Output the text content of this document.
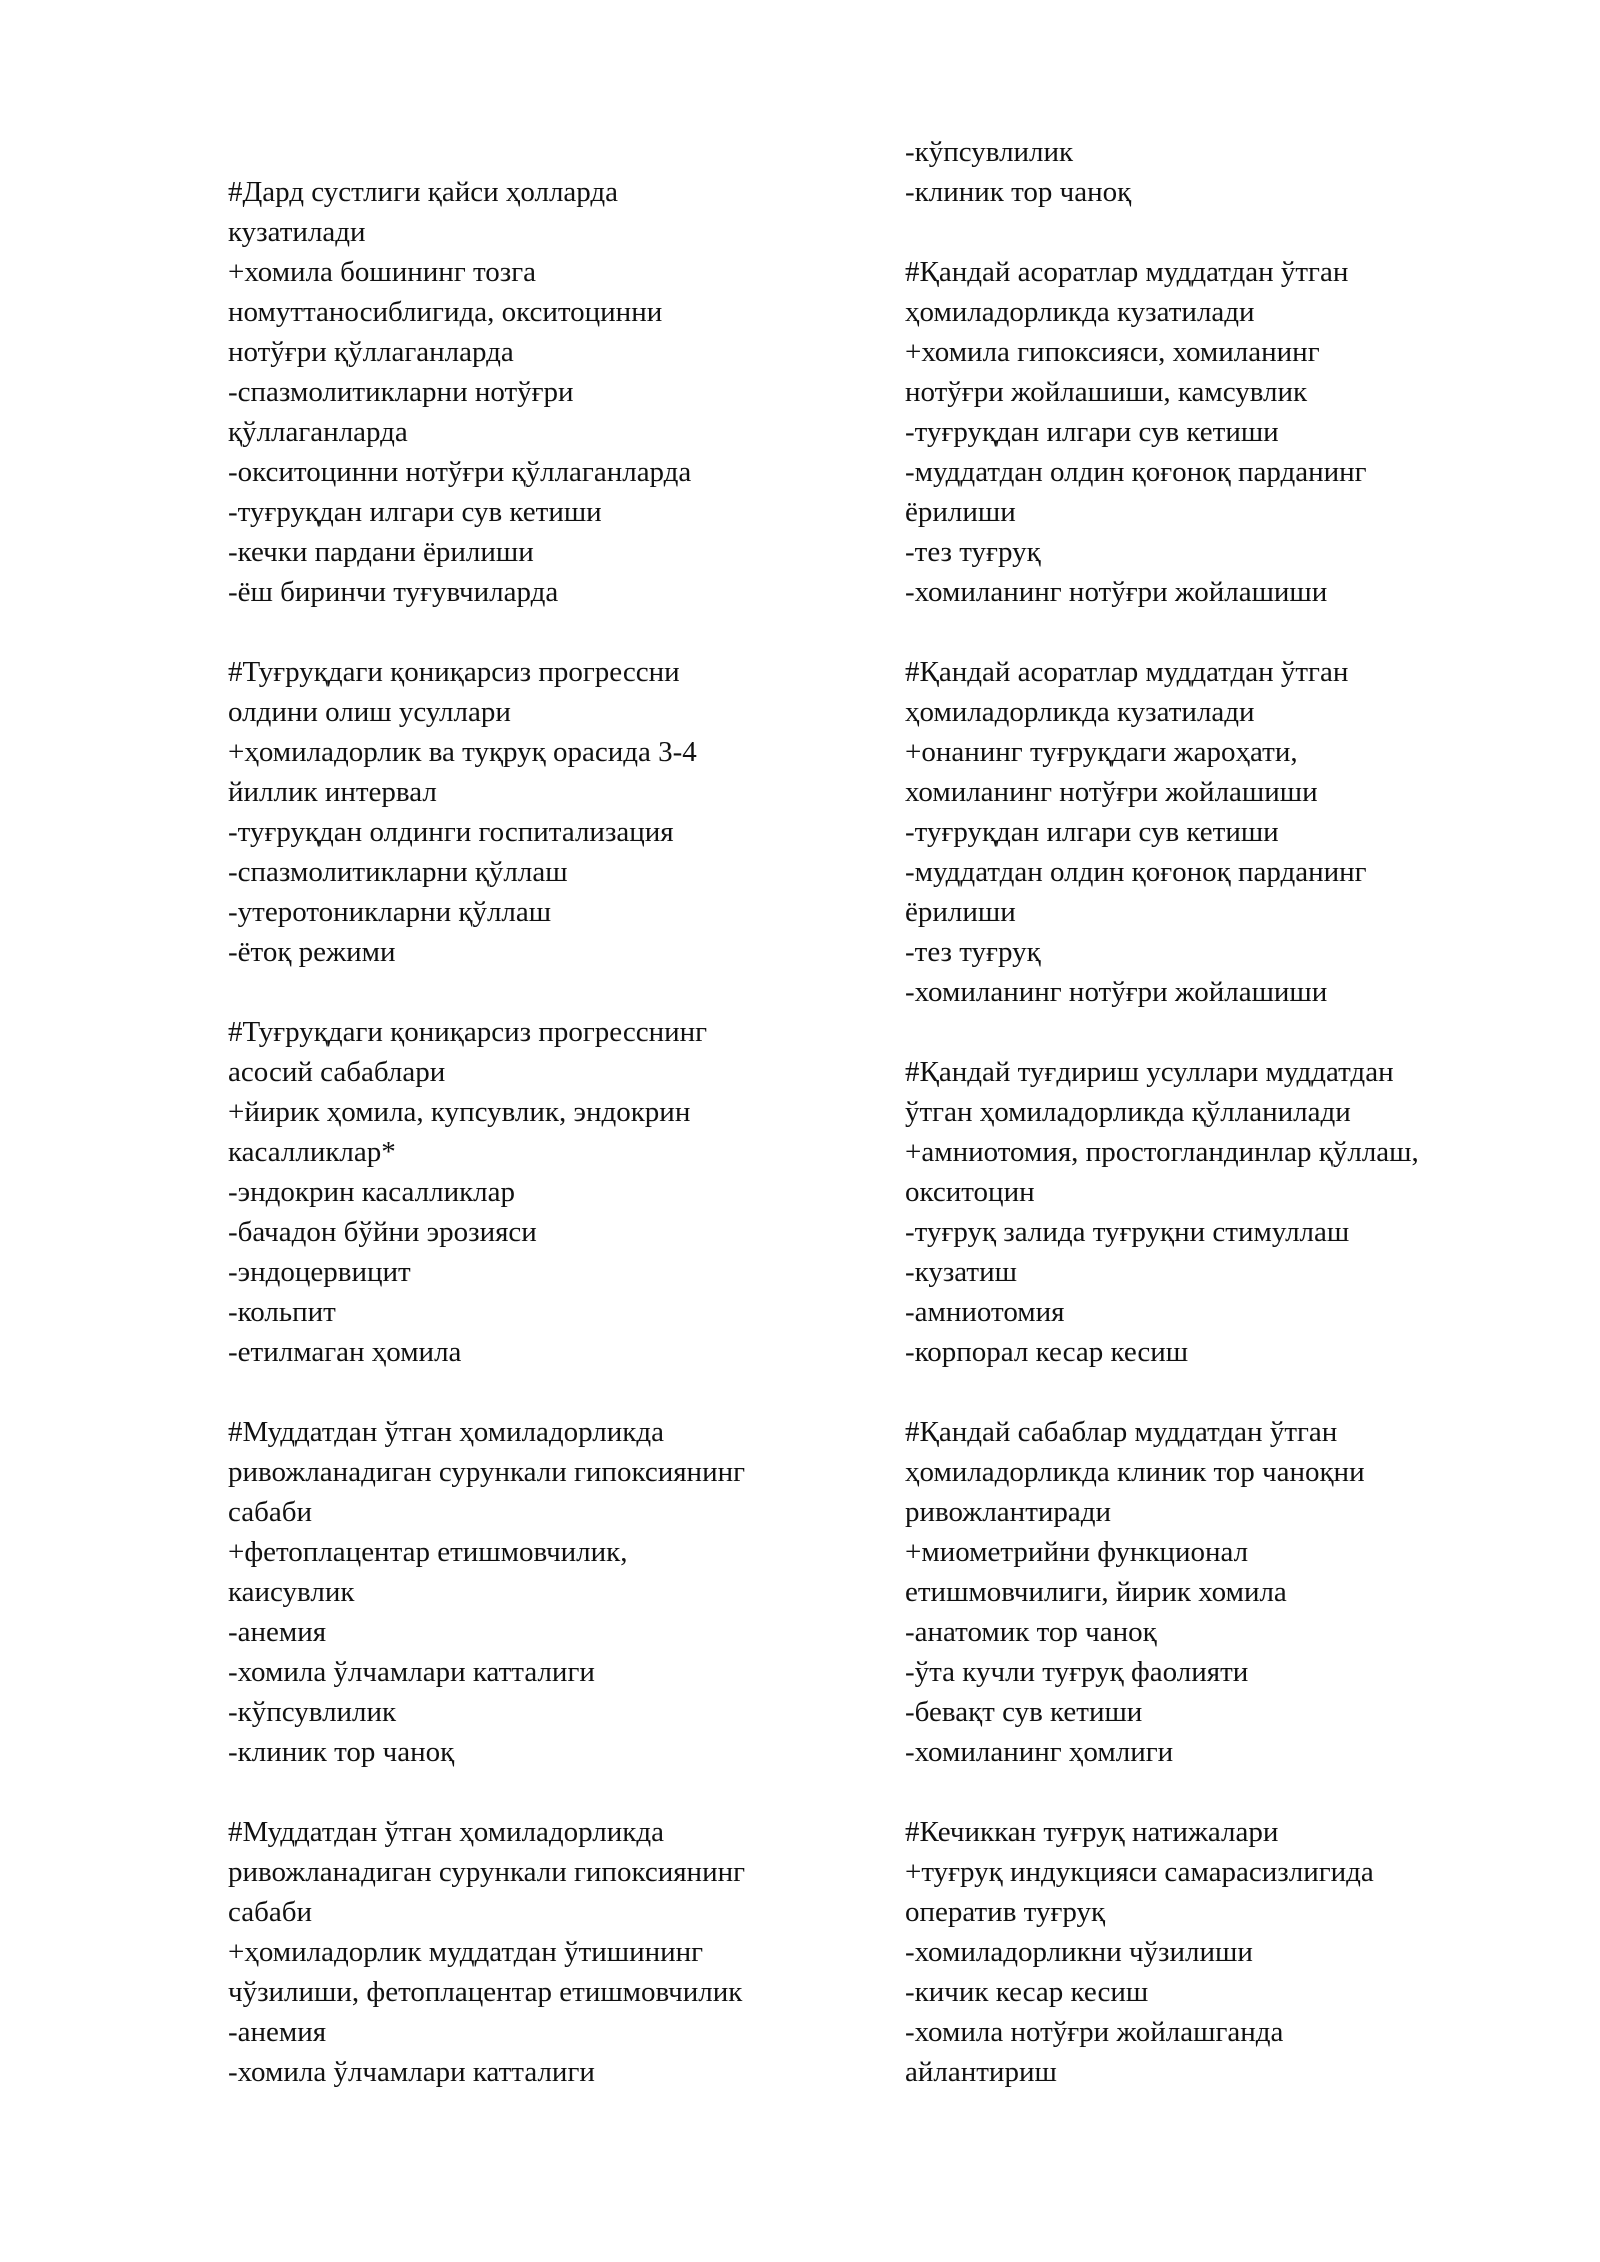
#Дард сустлиги қайси ҳолларда
кузатилади
+хомила бошининг тозга
номуттаносиблигида, окситоцинни
нотўғри қўллаганларда
-спазмолитикларни нотўғри
қўллаганларда
-окситоцинни нотўғри қўллаганларда
-туғруқдан илгари сув кетиши
-кечки пардани ёрилиши
-ёш биринчи туғувчиларда
#Туғруқдаги қониқарсиз прогрессни
олдини олиш усуллари
+ҳомиладорлик ва туқруқ орасида 3-4
йиллик интервал
-туғруқдан олдинги госпитализация
-спазмолитикларни қўллаш
-утеротоникларни қўллаш
-ётоқ режими
#Туғруқдаги қониқарсиз прогресснинг
асосий сабаблари
+йирик ҳомила, купсувлик, эндокрин
касалликлар*
-эндокрин касалликлар
-бачадон бўйни эрозияси
-эндоцервицит
-кольпит
-етилмаган ҳомила
#Муддатдан ўтган ҳомиладорликда
ривожланадиган сурункали гипоксиянинг
сабаби
+фетоплацентар етишмовчилик,
каисувлик
-анемия
-хомила ўлчамлари катталиги
-кўпсувлилик
-клиник тор чаноқ
#Муддатдан ўтган ҳомиладорликда
ривожланадиган сурункали гипоксиянинг
сабаби
+ҳомиладорлик муддатдан ўтишининг
чўзилиши, фетоплацентар етишмовчилик
-анемия
-хомила ўлчамлари катталиги
-кўпсувлилик
-клиник тор чаноқ
#Қандай асоратлар муддатдан ўтган
ҳомиладорликда кузатилади
+хомила гипоксияси, хомиланинг
нотўғри жойлашиши, камсувлик
-туғруқдан илгари сув кетиши
-муддатдан олдин қоғоноқ парданинг
ёрилиши
-тез туғруқ
-хомиланинг нотўғри жойлашиши
#Қандай асоратлар муддатдан ўтган
ҳомиладорликда кузатилади
+онанинг туғруқдаги жароҳати,
хомиланинг нотўғри жойлашиши
-туғруқдан илгари сув кетиши
-муддатдан олдин қоғоноқ парданинг
ёрилиши
-тез туғруқ
-хомиланинг нотўғри жойлашиши
#Қандай туғдириш усуллари муддатдан
ўтган ҳомиладорликда қўлланилади
+амниотомия, простогландинлар қўллаш,
окситоцин
-туғруқ залида туғруқни стимуллаш
-кузатиш
-амниотомия
-корпорал кесар кесиш
#Қандай сабаблар муддатдан ўтган
ҳомиладорликда клиник тор чаноқни
ривожлантиради
+миометрийни функционал
етишмовчилиги, йирик хомила
-анатомик тор чаноқ
-ўта кучли туғруқ фаолияти
-бевақт сув кетиши
-хомиланинг ҳомлиги
#Кечиккан туғруқ натижалари
+туғруқ индукцияси самарасизлигида
оператив туғруқ
-хомиладорликни чўзилиши
-кичик кесар кесиш
-хомила нотўғри жойлашганда
айлантириш
